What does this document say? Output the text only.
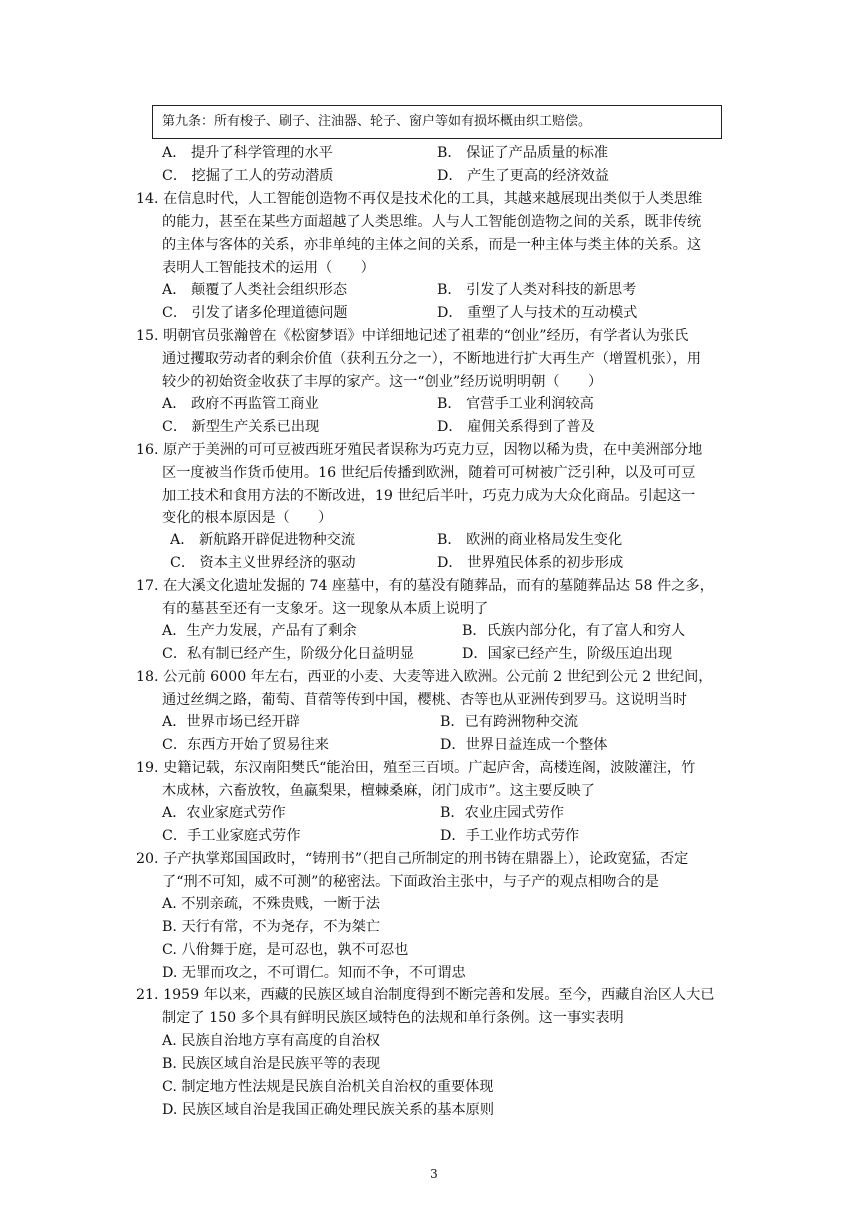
第九条：所有梭子、刷子、注油器、轮子、窗户等如有损坏概由织工赔偿。
A． 提升了科学管理的水平	B． 保证了产品质量的标准
C． 挖掘了工人的劳动潜质	D． 产生了更高的经济效益
14. 在信息时代，人工智能创造物不再仅是技术化的工具，其越来越展现出类似于人类思维
的能力，甚至在某些方面超越了人类思维。人与人工智能创造物之间的关系，既非传统
的主体与客体的关系，亦非单纯的主体之间的关系，而是一种主体与类主体的关系。这
表明人工智能技术的运用（　　）
A． 颠覆了人类社会组织形态	B． 引发了人类对科技的新思考
C． 引发了诸多伦理道德问题	D． 重塑了人与技术的互动模式
15. 明朝官员张瀚曾在《松窗梦语》中详细地记述了祖辈的“创业”经历，有学者认为张氏
通过攫取劳动者的剩余价值（获利五分之一），不断地进行扩大再生产（增置机张），用
较少的初始资金收获了丰厚的家产。这一“创业”经历说明明朝（　　）
A． 政府不再监管工商业	B． 官营手工业利润较高
C． 新型生产关系已出现	D． 雇佣关系得到了普及
16. 原产于美洲的可可豆被西班牙殖民者误称为巧克力豆，因物以稀为贵，在中美洲部分地
区一度被当作货币使用。16 世纪后传播到欧洲，随着可可树被广泛引种，以及可可豆
加工技术和食用方法的不断改进，19 世纪后半叶，巧克力成为大众化商品。引起这一
变化的根本原因是（　　）
A． 新航路开辟促进物种交流	B． 欧洲的商业格局发生变化
C． 资本主义世界经济的驱动	D． 世界殖民体系的初步形成
17. 在大溪文化遗址发掘的 74 座墓中，有的墓没有随葬品，而有的墓随葬品达 58 件之多，
有的墓甚至还有一支象牙。这一现象从本质上说明了
A．生产力发展，产品有了剩余	B．氏族内部分化，有了富人和穷人
C．私有制已经产生，阶级分化日益明显	D．国家已经产生，阶级压迫出现
18. 公元前 6000 年左右，西亚的小麦、大麦等进入欧洲。公元前 2 世纪到公元 2 世纪间，
通过丝绸之路，葡萄、苜蓿等传到中国，樱桃、杏等也从亚洲传到罗马。这说明当时
A．世界市场已经开辟	B．已有跨洲物种交流
C．东西方开始了贸易往来	D．世界日益连成一个整体
19. 史籍记载，东汉南阳樊氏“能治田，殖至三百顷。广起庐舍，高楼连阁，波陂灌注，竹
木成林，六畜放牧，鱼蠃梨果，檀棘桑麻，闭门成市”。这主要反映了
A．农业家庭式劳作	B．农业庄园式劳作
C．手工业家庭式劳作	D．手工业作坊式劳作
20. 子产执掌郑国国政时，“铸刑书”（把自己所制定的刑书铸在鼎器上），论政宽猛，否定
了“刑不可知，威不可测”的秘密法。下面政治主张中，与子产的观点相吻合的是
A. 不别亲疏，不殊贵贱，一断于法
B. 天行有常，不为尧存，不为桀亡
C. 八佾舞于庭，是可忍也，孰不可忍也
D. 无罪而攻之，不可谓仁。知而不争，不可谓忠
21. 1959 年以来，西藏的民族区域自治制度得到不断完善和发展。至今，西藏自治区人大已
制定了 150 多个具有鲜明民族区域特色的法规和单行条例。这一事实表明
A. 民族自治地方享有高度的自治权
B. 民族区域自治是民族平等的表现
C. 制定地方性法规是民族自治机关自治权的重要体现
D. 民族区域自治是我国正确处理民族关系的基本原则
3
